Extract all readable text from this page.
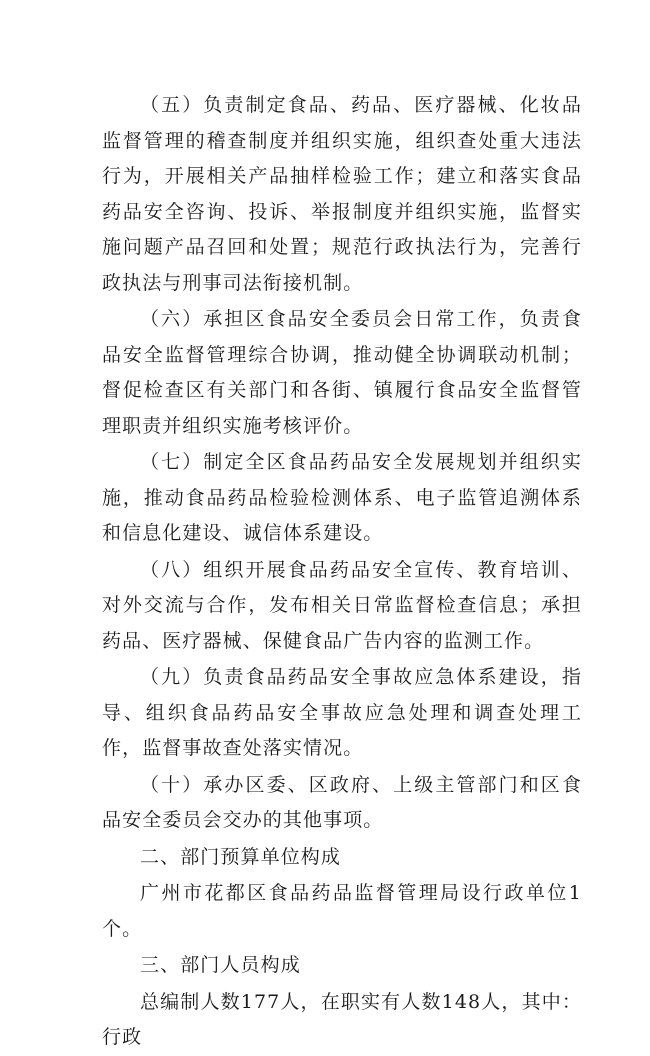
（五）负责制定食品、药品、医疗器械、化妆品监督管理的稽查制度并组织实施，组织查处重大违法行为，开展相关产品抽样检验工作；建立和落实食品药品安全咨询、投诉、举报制度并组织实施，监督实施问题产品召回和处置；规范行政执法行为，完善行政执法与刑事司法衔接机制。

（六）承担区食品安全委员会日常工作，负责食品安全监督管理综合协调，推动健全协调联动机制；督促检查区有关部门和各街、镇履行食品安全监督管理职责并组织实施考核评价。

（七）制定全区食品药品安全发展规划并组织实施，推动食品药品检验检测体系、电子监管追溯体系和信息化建设、诚信体系建设。

（八）组织开展食品药品安全宣传、教育培训、对外交流与合作，发布相关日常监督检查信息；承担药品、医疗器械、保健食品广告内容的监测工作。

（九）负责食品药品安全事故应急体系建设，指导、组织食品药品安全事故应急处理和调查处理工作，监督事故查处落实情况。

（十）承办区委、区政府、上级主管部门和区食品安全委员会交办的其他事项。

二、部门预算单位构成

广州市花都区食品药品监督管理局设行政单位1个。

三、部门人员构成

总编制人数177人，在职实有人数148人，其中：行政
